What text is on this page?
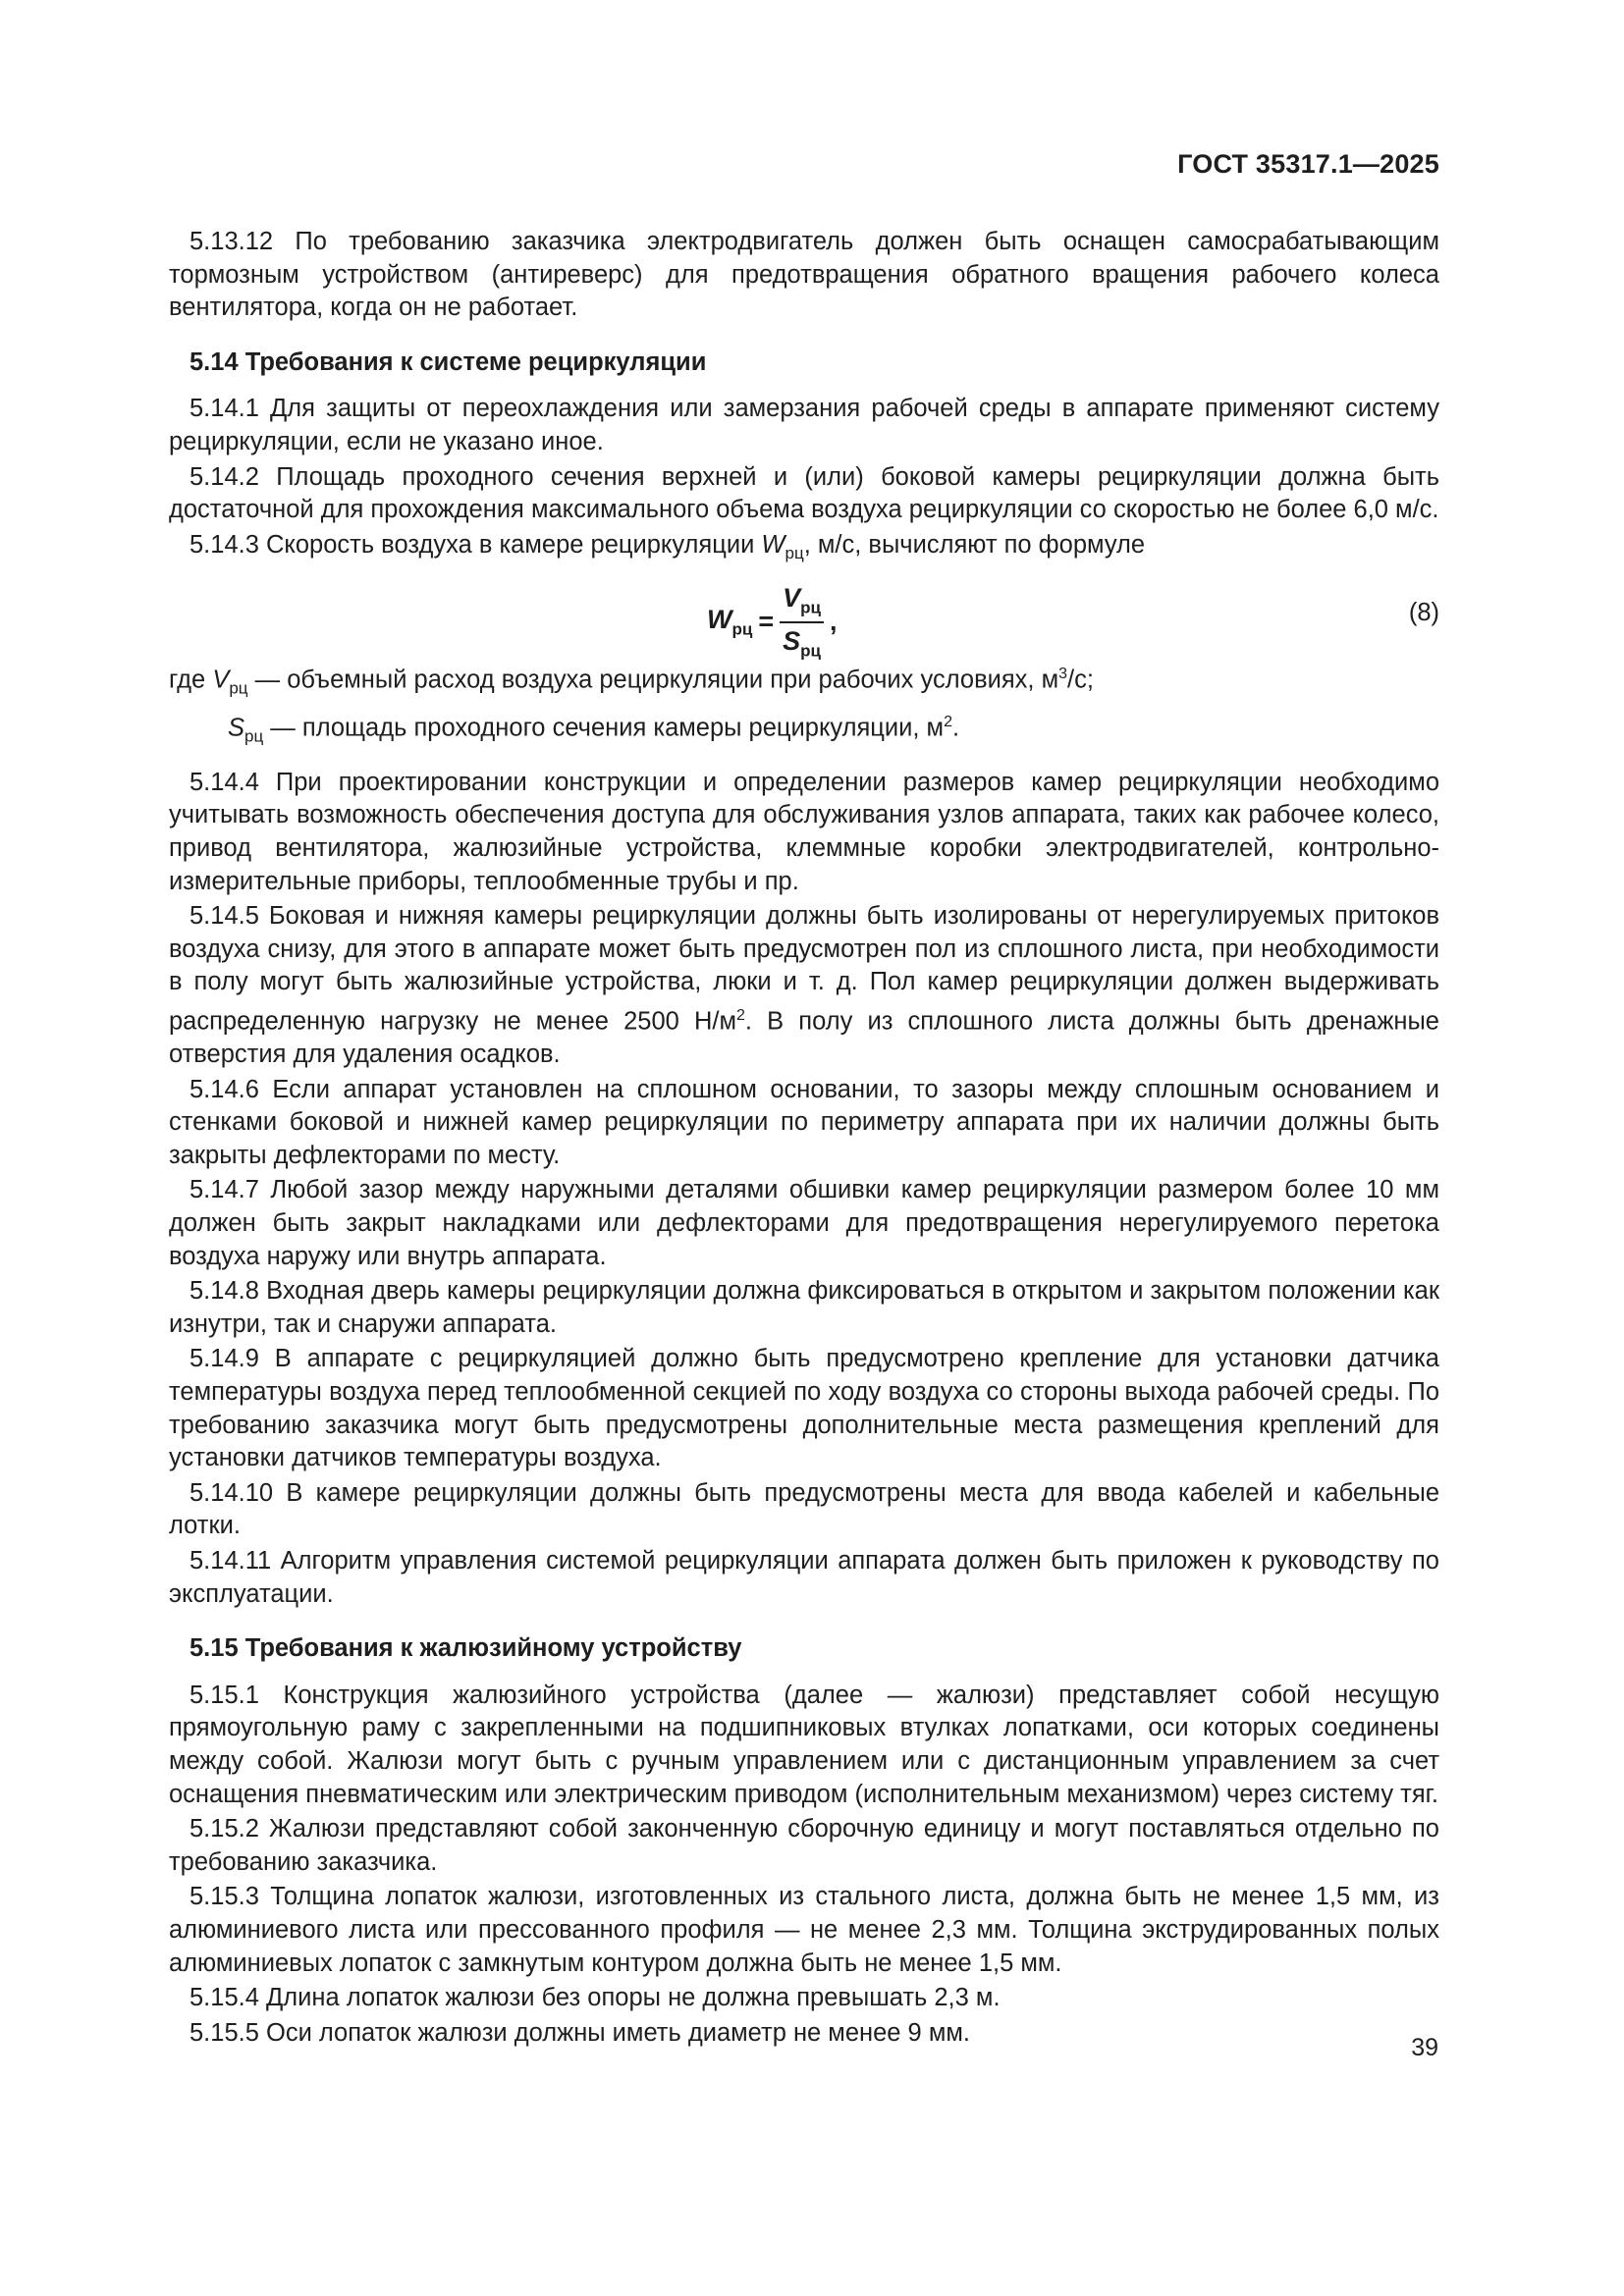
ГОСТ 35317.1—2025

5.13.12 По требованию заказчика электродвигатель должен быть оснащен самосрабатывающим тормозным устройством (антиреверс) для предотвращения обратного вращения рабочего колеса вентилятора, когда он не работает.

5.14 Требования к системе рециркуляции

5.14.1 Для защиты от переохлаждения или замерзания рабочей среды в аппарате применяют систему рециркуляции, если не указано иное.

5.14.2 Площадь проходного сечения верхней и (или) боковой камеры рециркуляции должна быть достаточной для прохождения максимального объема воздуха рециркуляции со скоростью не более 6,0 м/с.

5.14.3 Скорость воздуха в камере рециркуляции $W_{рц}$, м/с, вычисляют по формуле

$W_{рц} = \frac{V_{рц}}{S_{рц}}$ ,	(8)
где $V_{рц}$ — объемный расход воздуха рециркуляции при рабочих условиях, $м^3/с$;
$S_{рц}$ — площадь проходного сечения камеры рециркуляции, $м^2$.

5.14.4 При проектировании конструкции и определении размеров камер рециркуляции необходимо учитывать возможность обеспечения доступа для обслуживания узлов аппарата, таких как рабочее колесо, привод вентилятора, жалюзийные устройства, клеммные коробки электродвигателей, контрольно-измерительные приборы, теплообменные трубы и пр.

5.14.5 Боковая и нижняя камеры рециркуляции должны быть изолированы от нерегулируемых притоков воздуха снизу, для этого в аппарате может быть предусмотрен пол из сплошного листа, при необходимости в полу могут быть жалюзийные устройства, люки и т. д. Пол камер рециркуляции должен выдерживать распределенную нагрузку не менее 2500 $Н/м^2$. В полу из сплошного листа должны быть дренажные отверстия для удаления осадков.

5.14.6 Если аппарат установлен на сплошном основании, то зазоры между сплошным основанием и стенками боковой и нижней камер рециркуляции по периметру аппарата при их наличии должны быть закрыты дефлекторами по месту.

5.14.7 Любой зазор между наружными деталями обшивки камер рециркуляции размером более 10 мм должен быть закрыт накладками или дефлекторами для предотвращения нерегулируемого перетока воздуха наружу или внутрь аппарата.

5.14.8 Входная дверь камеры рециркуляции должна фиксироваться в открытом и закрытом положении как изнутри, так и снаружи аппарата.

5.14.9 В аппарате с рециркуляцией должно быть предусмотрено крепление для установки датчика температуры воздуха перед теплообменной секцией по ходу воздуха со стороны выхода рабочей среды. По требованию заказчика могут быть предусмотрены дополнительные места размещения креплений для установки датчиков температуры воздуха.

5.14.10 В камере рециркуляции должны быть предусмотрены места для ввода кабелей и кабельные лотки.

5.14.11 Алгоритм управления системой рециркуляции аппарата должен быть приложен к руководству по эксплуатации.

5.15 Требования к жалюзийному устройству

5.15.1 Конструкция жалюзийного устройства (далее — жалюзи) представляет собой несущую прямоугольную раму с закрепленными на подшипниковых втулках лопатками, оси которых соединены между собой. Жалюзи могут быть с ручным управлением или с дистанционным управлением за счет оснащения пневматическим или электрическим приводом (исполнительным механизмом) через систему тяг.

5.15.2 Жалюзи представляют собой законченную сборочную единицу и могут поставляться отдельно по требованию заказчика.

5.15.3 Толщина лопаток жалюзи, изготовленных из стального листа, должна быть не менее 1,5 мм, из алюминиевого листа или прессованного профиля — не менее 2,3 мм. Толщина экструдированных полых алюминиевых лопаток с замкнутым контуром должна быть не менее 1,5 мм.

5.15.4 Длина лопаток жалюзи без опоры не должна превышать 2,3 м.

5.15.5 Оси лопаток жалюзи должны иметь диаметр не менее 9 мм.

39
